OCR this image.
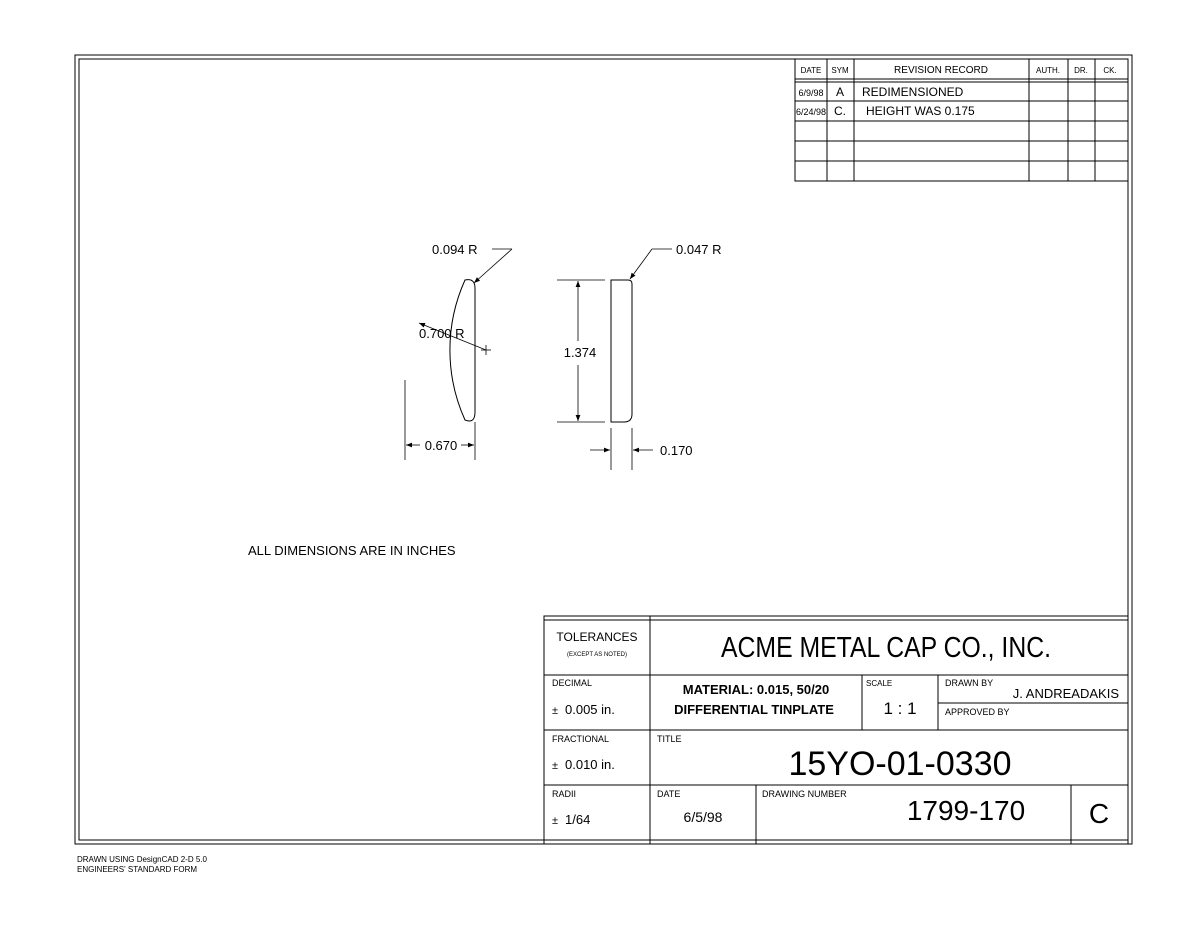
DATE SYM	REVISION RECORD	AUTH. DR. CK.
6/9/98 A REDIMENSIONED
6/24/98 C. HEIGHT WAS 0.175
0.700 R
0.094 R
0.670
0.047 R
1.374
0.170
ALL DIMENSIONS ARE IN INCHES
TOLERANCES
(EXCEPT AS NOTED)	ACME METAL CAP CO., INC.
DECIMAL
± 0.005 in.
MATERIAL: 0.015, 50/20
DIFFERENTIAL TINPLATE
SCALE
1 : 1
DRAWN BY
J. ANDREADAKIS
APPROVED BY
FRACTIONAL
± 0.010 in.
TITLE
15YO-01-0330
RADII
± 1/64
DATE
6/5/98
DRAWING NUMBER
1799-170 C
DRAWN USING DesignCAD 2-D 5.0
ENGINEERS' STANDARD FORM
